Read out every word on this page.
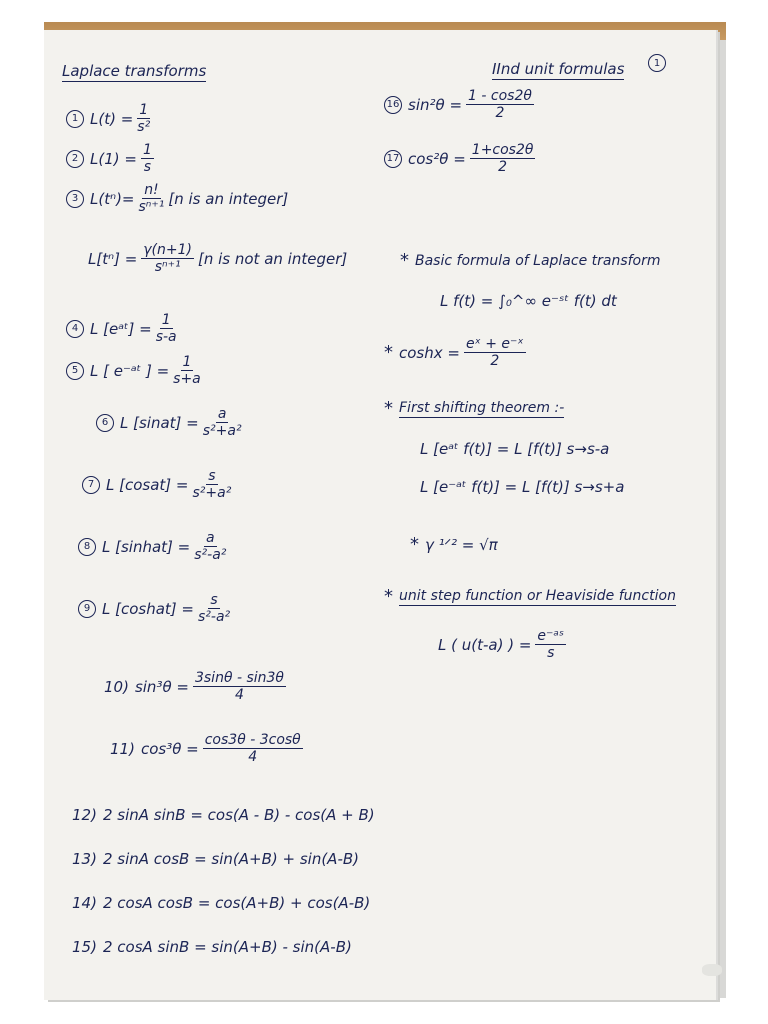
Laplace transforms	IInd unit formulas	1
1 $L(t) = \frac{1}{\text{s²}}$
2 $L(1) = \frac{1}{s}$
3 $L(t^n)= \frac{n!}{\text{sⁿ⁺¹}} [n$ is an integer]
$L[t^n] = \frac{\gamma(n+1)}{\text{sⁿ⁺¹}} [n$ is not an integer]
4 L [eᵃᵗ] = $\frac{1}{s-a}$
5 L [ e⁻ᵃᵗ ] = $\frac{1}{s+a}$
6 L [sinat] = $\frac{a}{\text{s²+a²}}$
7 L [cosat] = $\frac{s}{\text{s²+a²}}$
8 L [sinhat] = $\frac{a}{\text{s²-a²}}$
9 L [coshat] = $\frac{s}{\text{s²-a²}}$
10) $\sin^3\theta = \frac{3\sin\theta - \sin 3\theta}{4}$
11) $\cos^3\theta = \frac{\cos 3\theta - 3\cos\theta}{4}$
12) 2 sinA sinB = cos(A - B) - cos(A + B)
13) 2 sinA cosB = sin(A+B) + sin(A-B)
14) 2 cosA cosB = cos(A+B) + cos(A-B)
15) 2 cosA sinB = sin(A+B) - sin(A-B)
16 $\sin^2\theta = \frac{1 - \cos 2\theta}{2}$
17 $\cos^2\theta = \frac{1+\cos 2\theta}{2}$
* Basic formula of Laplace transform
L f(t) = ∫₀^∞ e⁻ˢᵗ f(t) dt
* $\cosh x = \frac{\text{eˣ + e⁻ˣ}}{2}$
* First shifting theorem :-
L [eᵃᵗ f(t)] = L [f(t)] s→s-a
L [e⁻ᵃᵗ f(t)] = L [f(t)] s→s+a
* γ ¹ᐟ² = √π
* unit step function or Heaviside function
L ( u(t-a) ) = $\frac{\text{e⁻ᵃˢ}}{s}$
